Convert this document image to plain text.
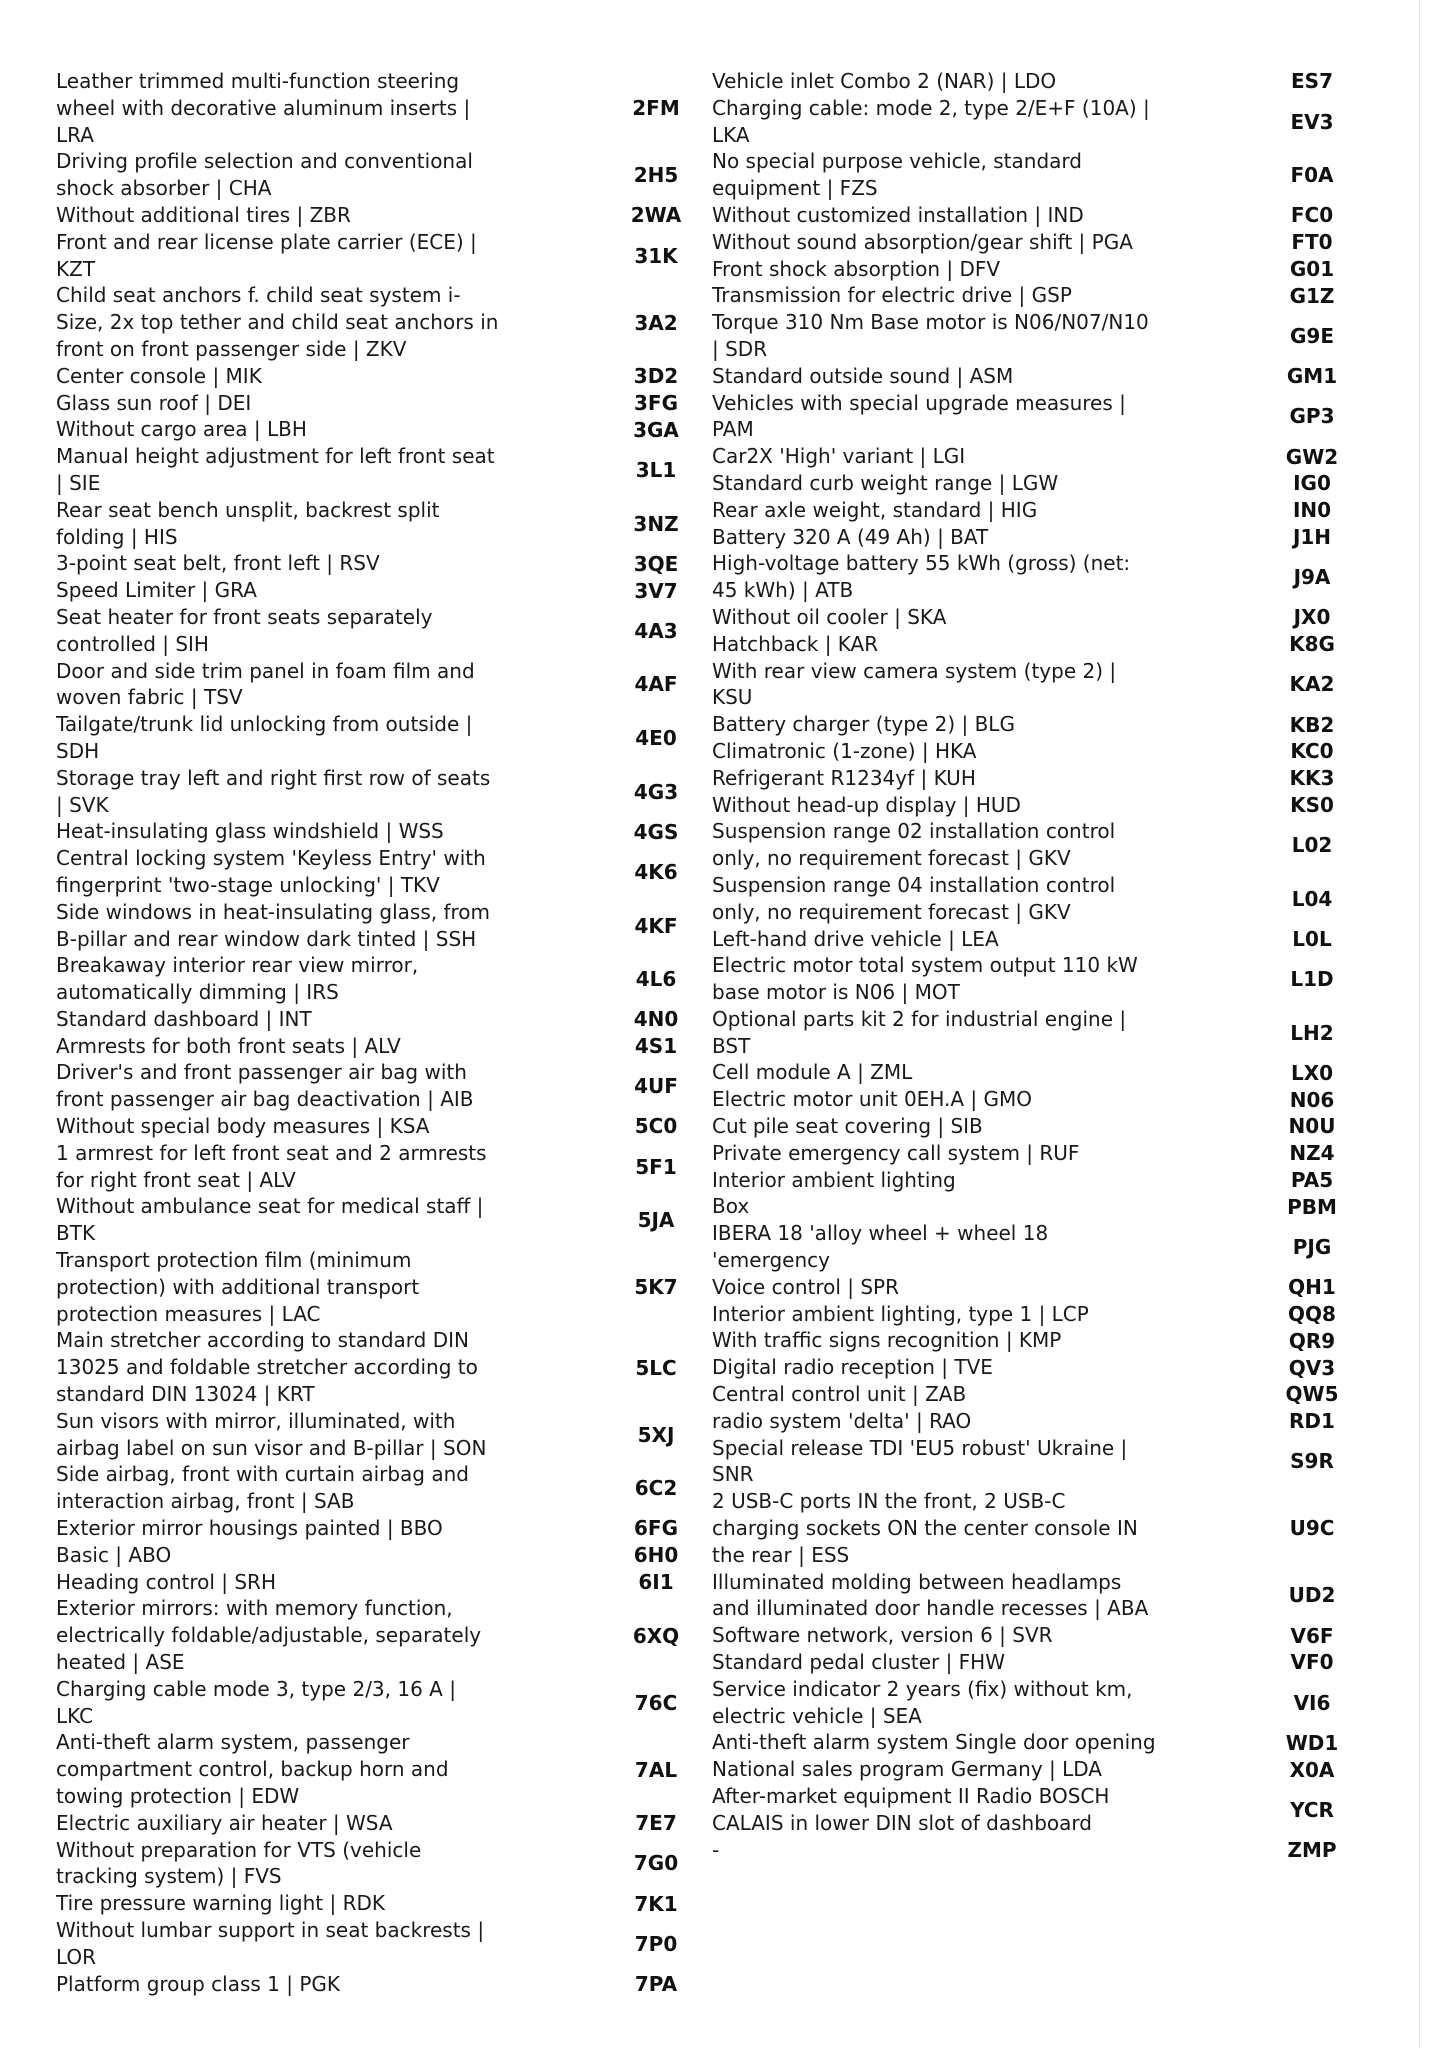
Leather trimmed multi-function steering
wheel with decorative aluminum inserts |
LRA
2FM
Driving profile selection and conventional
shock absorber | CHA
2H5
Without additional tires | ZBR	2WA
Front and rear license plate carrier (ECE) |
KZT
31K
Child seat anchors f. child seat system i-
Size, 2x top tether and child seat anchors in
front on front passenger side | ZKV
3A2
Center console | MIK	3D2
Glass sun roof | DEI	3FG
Without cargo area | LBH	3GA
Manual height adjustment for left front seat
| SIE
3L1
Rear seat bench unsplit, backrest split
folding | HIS
3NZ
3-point seat belt, front left | RSV	3QE
Speed Limiter | GRA	3V7
Seat heater for front seats separately
controlled | SIH
4A3
Door and side trim panel in foam film and
woven fabric | TSV
4AF
Tailgate/trunk lid unlocking from outside |
SDH
4E0
Storage tray left and right first row of seats
| SVK
4G3
Heat-insulating glass windshield | WSS	4GS
Central locking system 'Keyless Entry' with
fingerprint 'two-stage unlocking' | TKV
4K6
Side windows in heat-insulating glass, from
B-pillar and rear window dark tinted | SSH
4KF
Breakaway interior rear view mirror,
automatically dimming | IRS
4L6
Standard dashboard | INT	4N0
Armrests for both front seats | ALV	4S1
Driver's and front passenger air bag with
front passenger air bag deactivation | AIB
4UF
Without special body measures | KSA	5C0
1 armrest for left front seat and 2 armrests
for right front seat | ALV
5F1
Without ambulance seat for medical staff |
BTK
5JA
Transport protection film (minimum
protection) with additional transport
protection measures | LAC
5K7
Main stretcher according to standard DIN
13025 and foldable stretcher according to
standard DIN 13024 | KRT
5LC
Sun visors with mirror, illuminated, with
airbag label on sun visor and B-pillar | SON
5XJ
Side airbag, front with curtain airbag and
interaction airbag, front | SAB
6C2
Exterior mirror housings painted | BBO	6FG
Basic | ABO	6H0
Heading control | SRH	6I1
Exterior mirrors: with memory function,
electrically foldable/adjustable, separately
heated | ASE
6XQ
Charging cable mode 3, type 2/3, 16 A |
LKC
76C
Anti-theft alarm system, passenger
compartment control, backup horn and
towing protection | EDW
7AL
Electric auxiliary air heater | WSA	7E7
Without preparation for VTS (vehicle
tracking system) | FVS
7G0
Tire pressure warning light | RDK	7K1
Without lumbar support in seat backrests |
LOR
7P0
Platform group class 1 | PGK	7PA
Vehicle inlet Combo 2 (NAR) | LDO	ES7
Charging cable: mode 2, type 2/E+F (10A) |
LKA
EV3
No special purpose vehicle, standard
equipment | FZS
F0A
Without customized installation | IND	FC0
Without sound absorption/gear shift | PGA	FT0
Front shock absorption | DFV	G01
Transmission for electric drive | GSP	G1Z
Torque 310 Nm Base motor is N06/N07/N10
| SDR
G9E
Standard outside sound | ASM	GM1
Vehicles with special upgrade measures |
PAM
GP3
Car2X 'High' variant | LGI	GW2
Standard curb weight range | LGW	IG0
Rear axle weight, standard | HIG	IN0
Battery 320 A (49 Ah) | BAT	J1H
High-voltage battery 55 kWh (gross) (net:
45 kWh) | ATB
J9A
Without oil cooler | SKA	JX0
Hatchback | KAR	K8G
With rear view camera system (type 2) |
KSU
KA2
Battery charger (type 2) | BLG	KB2
Climatronic (1-zone) | HKA	KC0
Refrigerant R1234yf | KUH	KK3
Without head-up display | HUD	KS0
Suspension range 02 installation control
only, no requirement forecast | GKV
L02
Suspension range 04 installation control
only, no requirement forecast | GKV
L04
Left-hand drive vehicle | LEA	L0L
Electric motor total system output 110 kW
base motor is N06 | MOT
L1D
Optional parts kit 2 for industrial engine |
BST
LH2
Cell module A | ZML	LX0
Electric motor unit 0EH.A | GMO	N06
Cut pile seat covering | SIB	N0U
Private emergency call system | RUF	NZ4
Interior ambient lighting	PA5
Box	PBM
IBERA 18 'alloy wheel + wheel 18
'emergency
PJG
Voice control | SPR	QH1
Interior ambient lighting, type 1 | LCP	QQ8
With traffic signs recognition | KMP	QR9
Digital radio reception | TVE	QV3
Central control unit | ZAB	QW5
radio system 'delta' | RAO	RD1
Special release TDI 'EU5 robust' Ukraine |
SNR
S9R
2 USB-C ports IN the front, 2 USB-C
charging sockets ON the center console IN
the rear | ESS
U9C
Illuminated molding between headlamps
and illuminated door handle recesses | ABA
UD2
Software network, version 6 | SVR	V6F
Standard pedal cluster | FHW	VF0
Service indicator 2 years (fix) without km,
electric vehicle | SEA
VI6
Anti-theft alarm system Single door opening	WD1
National sales program Germany | LDA	X0A
After-market equipment II Radio BOSCH
CALAIS in lower DIN slot of dashboard
YCR
-	ZMP
